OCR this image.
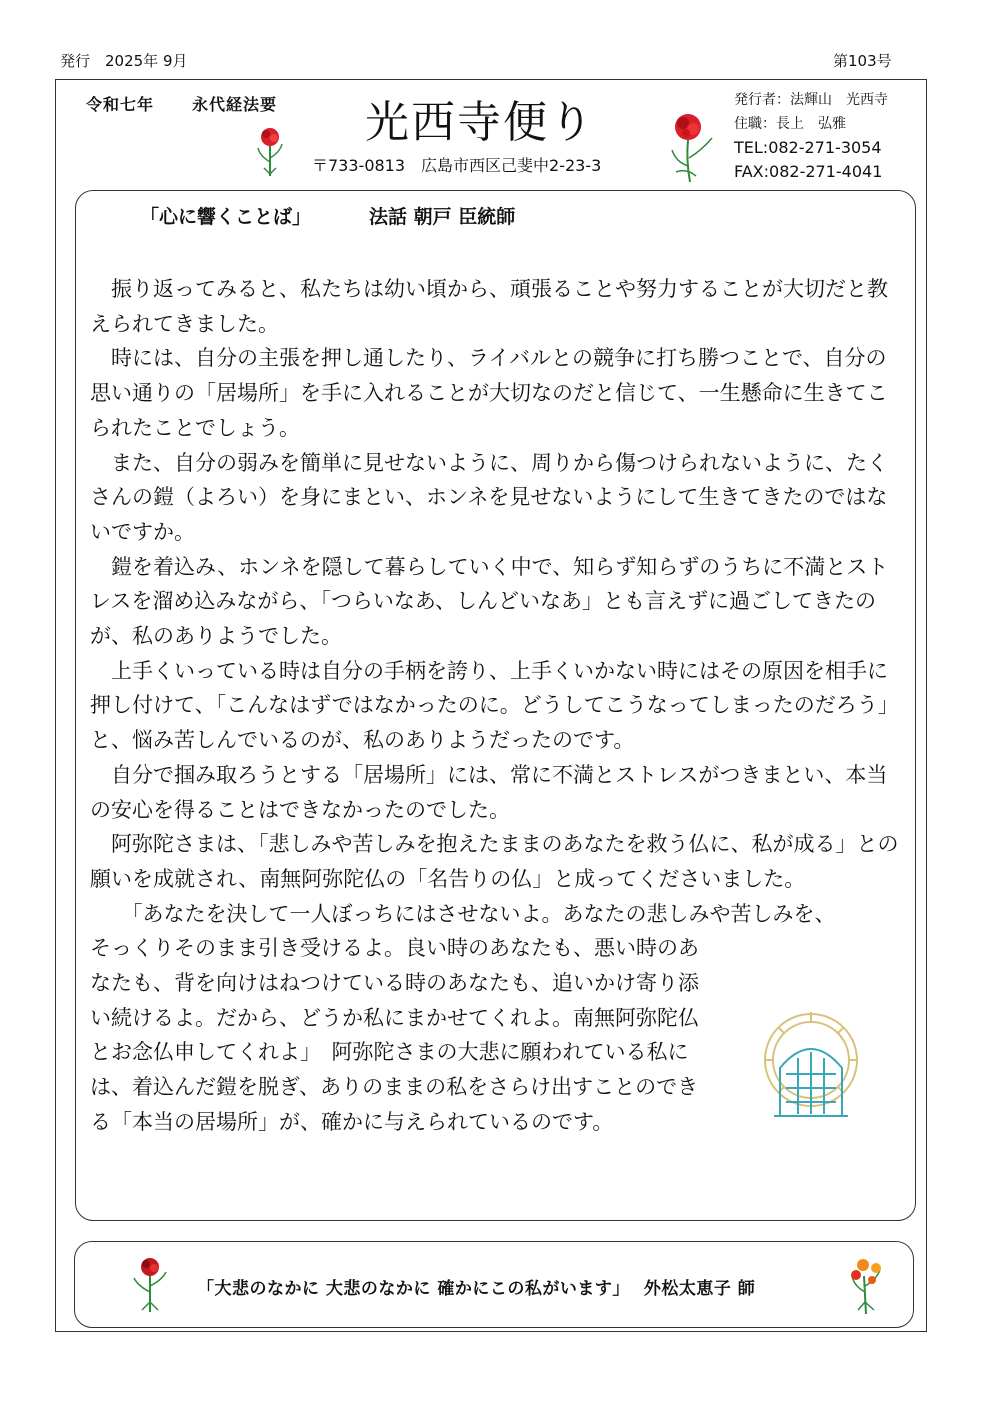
発行　2025年 9月	第103号
令和七年 永代経法要 光西寺便り
〒733-0813　広島市西区己斐中2-23-3
発行者：法輝山　光西寺
住職：長上　弘雅
TEL:082-271-3054
FAX:082-271-4041
「心に響くことば」	法話 朝戸 臣統師

振り返ってみると、私たちは幼い頃から、頑張ることや努力することが大切だと教えられてきました。

時には、自分の主張を押し通したり、ライバルとの競争に打ち勝つことで、自分の思い通りの「居場所」を手に入れることが大切なのだと信じて、一生懸命に生きてこられたことでしょう。

また、自分の弱みを簡単に見せないように、周りから傷つけられないように、たくさんの鎧（よろい）を身にまとい、ホンネを見せないようにして生きてきたのではないですか。

鎧を着込み、ホンネを隠して暮らしていく中で、知らず知らずのうちに不満とストレスを溜め込みながら、「つらいなあ、しんどいなあ」とも言えずに過ごしてきたのが、私のありようでした。

上手くいっている時は自分の手柄を誇り、上手くいかない時にはその原因を相手に押し付けて、「こんなはずではなかったのに。どうしてこうなってしまったのだろう」と、悩み苦しんでいるのが、私のありようだったのです。

自分で掴み取ろうとする「居場所」には、常に不満とストレスがつきまとい、本当の安心を得ることはできなかったのでした。

阿弥陀さまは、「悲しみや苦しみを抱えたままのあなたを救う仏に、私が成る」との願いを成就され、南無阿弥陀仏の「名告りの仏」と成ってくださいました。

「あなたを決して一人ぼっちにはさせないよ。あなたの悲しみや苦しみを、

そっくりそのまま引き受けるよ。良い時のあなたも、悪い時のあなたも、背を向けはねつけている時のあなたも、追いかけ寄り添い続けるよ。だから、どうか私にまかせてくれよ。南無阿弥陀仏とお念仏申してくれよ」　阿弥陀さまの大悲に願われている私には、着込んだ鎧を脱ぎ、ありのままの私をさらけ出すことのできる「本当の居場所」が、確かに与えられているのです。
「大悲のなかに 大悲のなかに 確かにこの私がいます」 外松太恵子 師
